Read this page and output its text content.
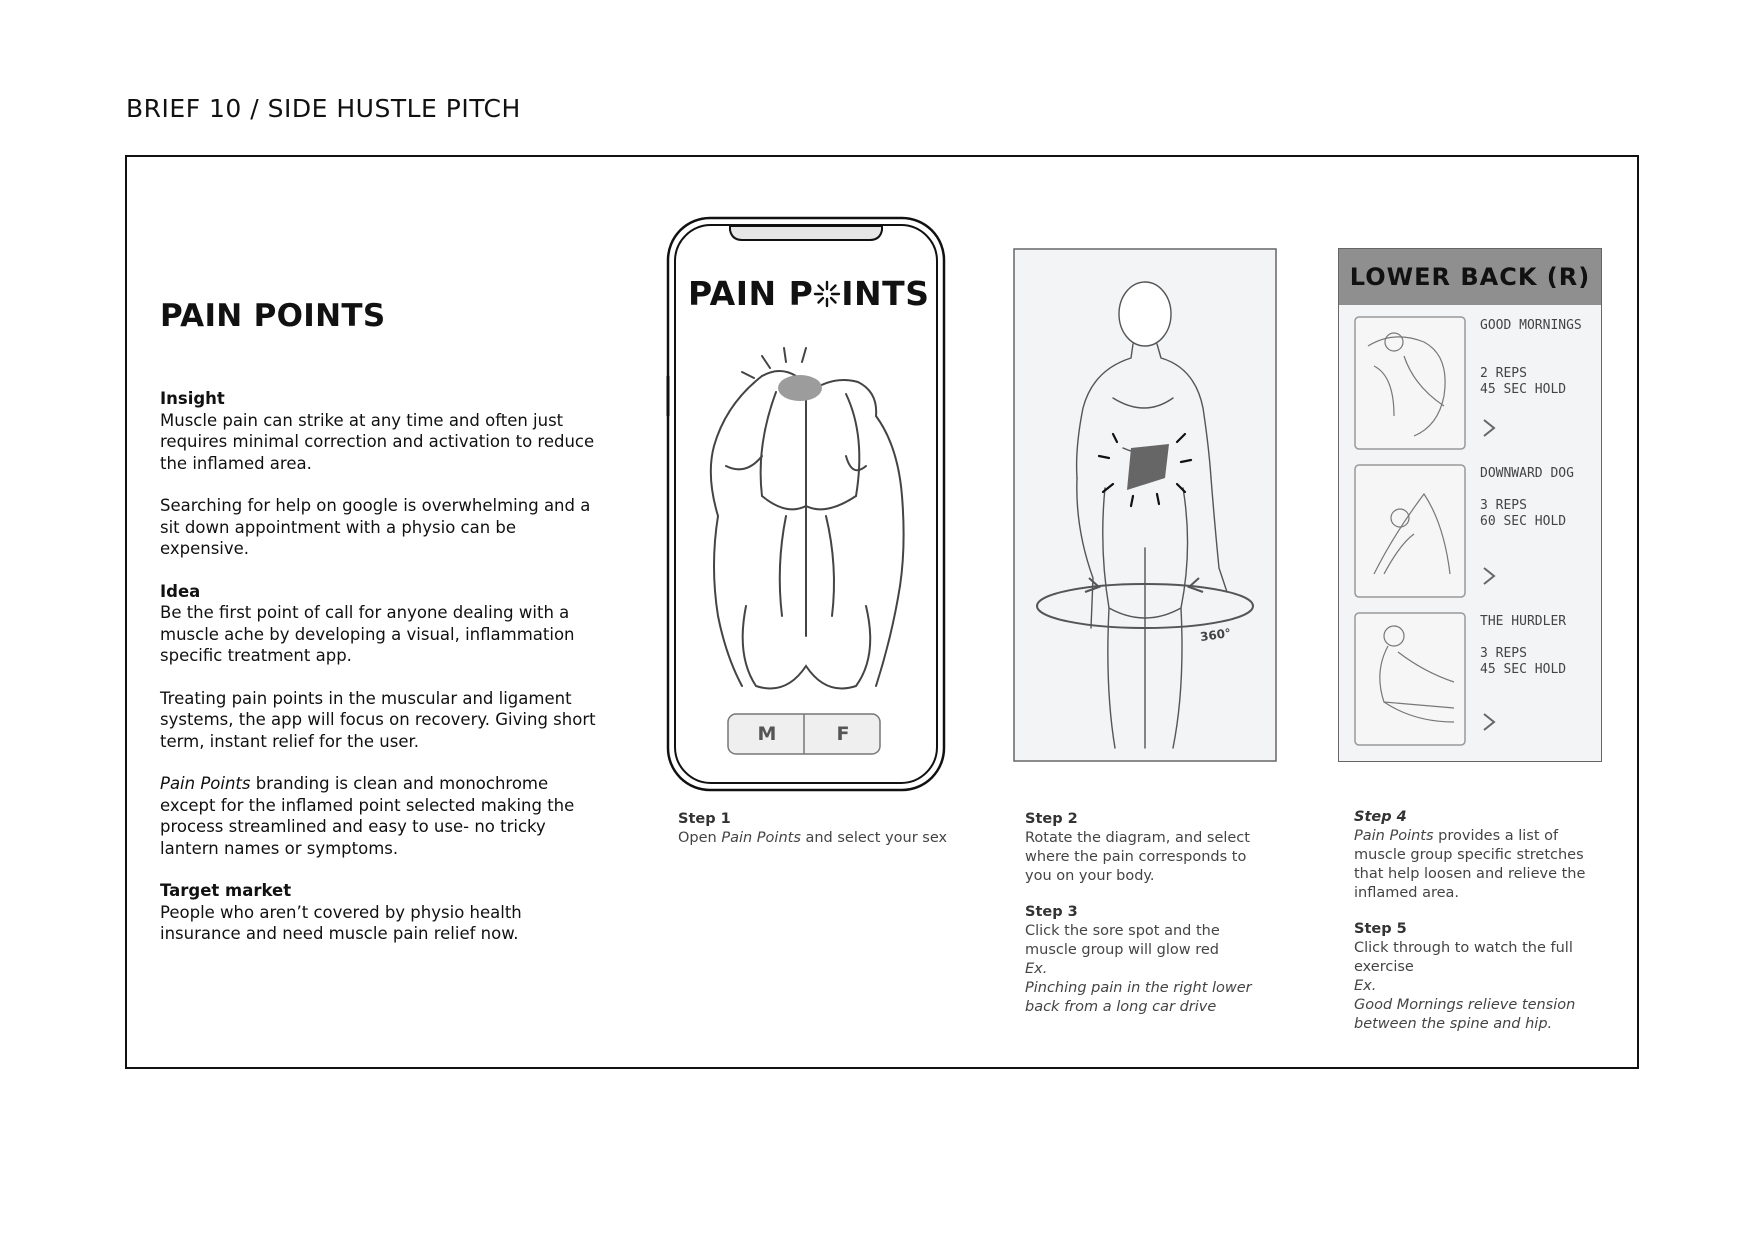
BRIEF 10 / SIDE HUSTLE PITCH
PAIN POINTS
Insight
Muscle pain can strike at any time and often just requires minimal correction and activation to reduce the inflamed area.
Searching for help on google is overwhelming and a sit down appointment with a physio can be expensive.
Idea
Be the first point of call for anyone dealing with a muscle ache by developing a visual, inflammation specific treatment app.
Treating pain points in the muscular and ligament systems, the app will focus on recovery. Giving short term, instant relief for the user.
Pain Points branding is clean and monochrome except for the inflamed point selected making the process streamlined and easy to use- no tricky lantern names or symptoms.
Target market
People who aren’t covered by physio health insurance and need muscle pain relief now.
PAIN P INTS
M	F
Step 1
Open Pain Points and select your sex
360°
Step 2
Rotate the diagram, and select where the pain corresponds to you on your body.
Step 3
Click the sore spot and the muscle group will glow red

Ex.
Pinching pain in the right lower back from a long car drive
LOWER BACK (R)
GOOD MORNINGS
2 REPS
45 SEC HOLD
DOWNWARD DOG
3 REPS
60 SEC HOLD
THE HURDLER
3 REPS
45 SEC HOLD
Step 4
Pain Points provides a list of muscle group specific stretches that help loosen and relieve the inflamed area.
Step 5
Click through to watch the full exercise

Ex.
Good Mornings relieve tension between the spine and hip.
